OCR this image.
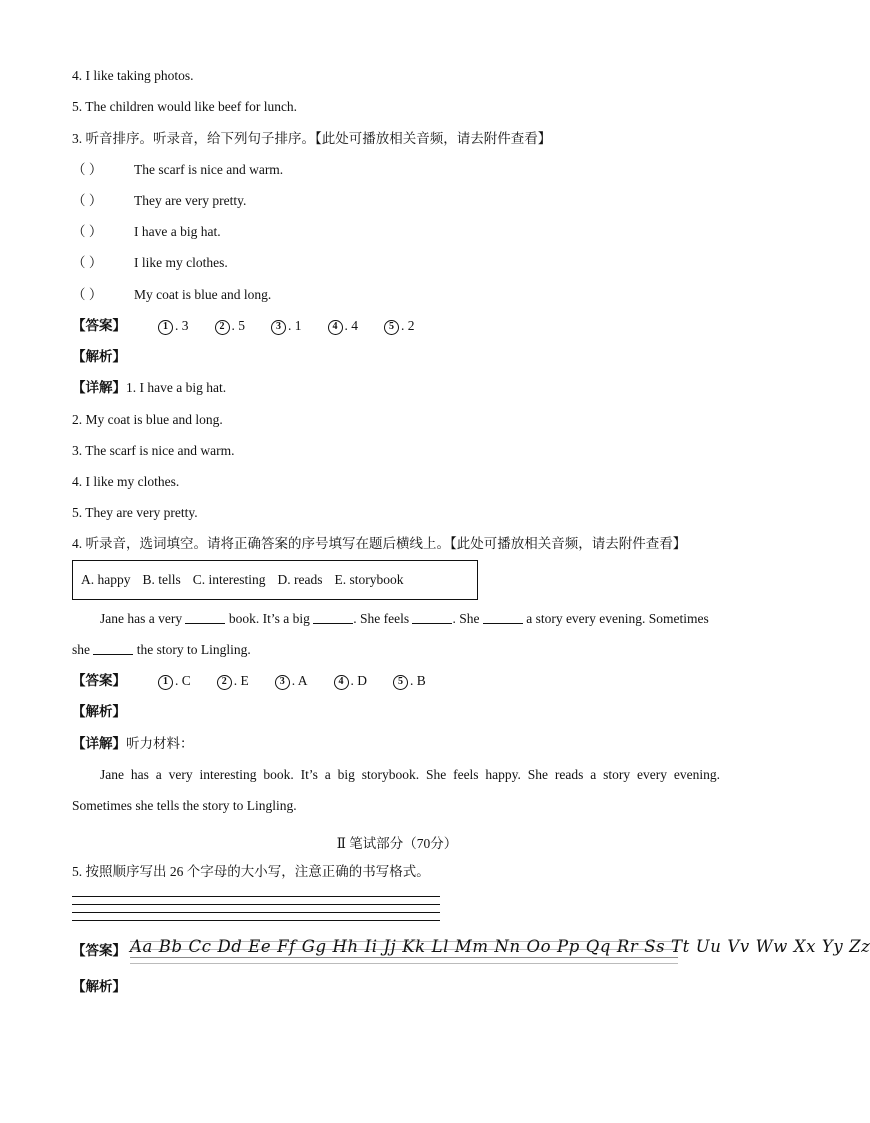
4. I like taking photos.
5. The children would like beef for lunch.
3. 听音排序。听录音，给下列句子排序。【此处可播放相关音频，请去附件查看】
（ ） The scarf is nice and warm.
（ ） They are very pretty.
（ ） I have a big hat.
（ ） I like my clothes.
（ ） My coat is blue and long.
【答案】	1 . 3	2 . 5	3 . 1	4 . 4	5 . 2
【解析】
【详解】1. I have a big hat.
2. My coat is blue and long.
3. The scarf is nice and warm.
4. I like my clothes.
5. They are very pretty.
4. 听录音，选词填空。请将正确答案的序号填写在题后横线上。【此处可播放相关音频，请去附件查看】
A. happy B. tells C. interesting D. reads E. storybook
Jane has a very	book. It’s a big	. She feels	. She	a story every evening. Sometimes
she	the story to Lingling.
【答案】	1 . C	2 . E	3 . A	4 . D	5 . B
【解析】
【详解】听力材料：
Jane has a very interesting book. It’s a big storybook. She feels happy. She reads a story every evening.
Sometimes she tells the story to Lingling.
Ⅱ 笔试部分（70分）
5. 按照顺序写出 26 个字母的大小写，注意正确的书写格式。
【答案】 Aa Bb Cc Dd Ee Ff Gg Hh Ii Jj Kk Ll Mm Nn Oo Pp Qq Rr Ss Tt Uu Vv Ww Xx Yy Zz
【解析】
